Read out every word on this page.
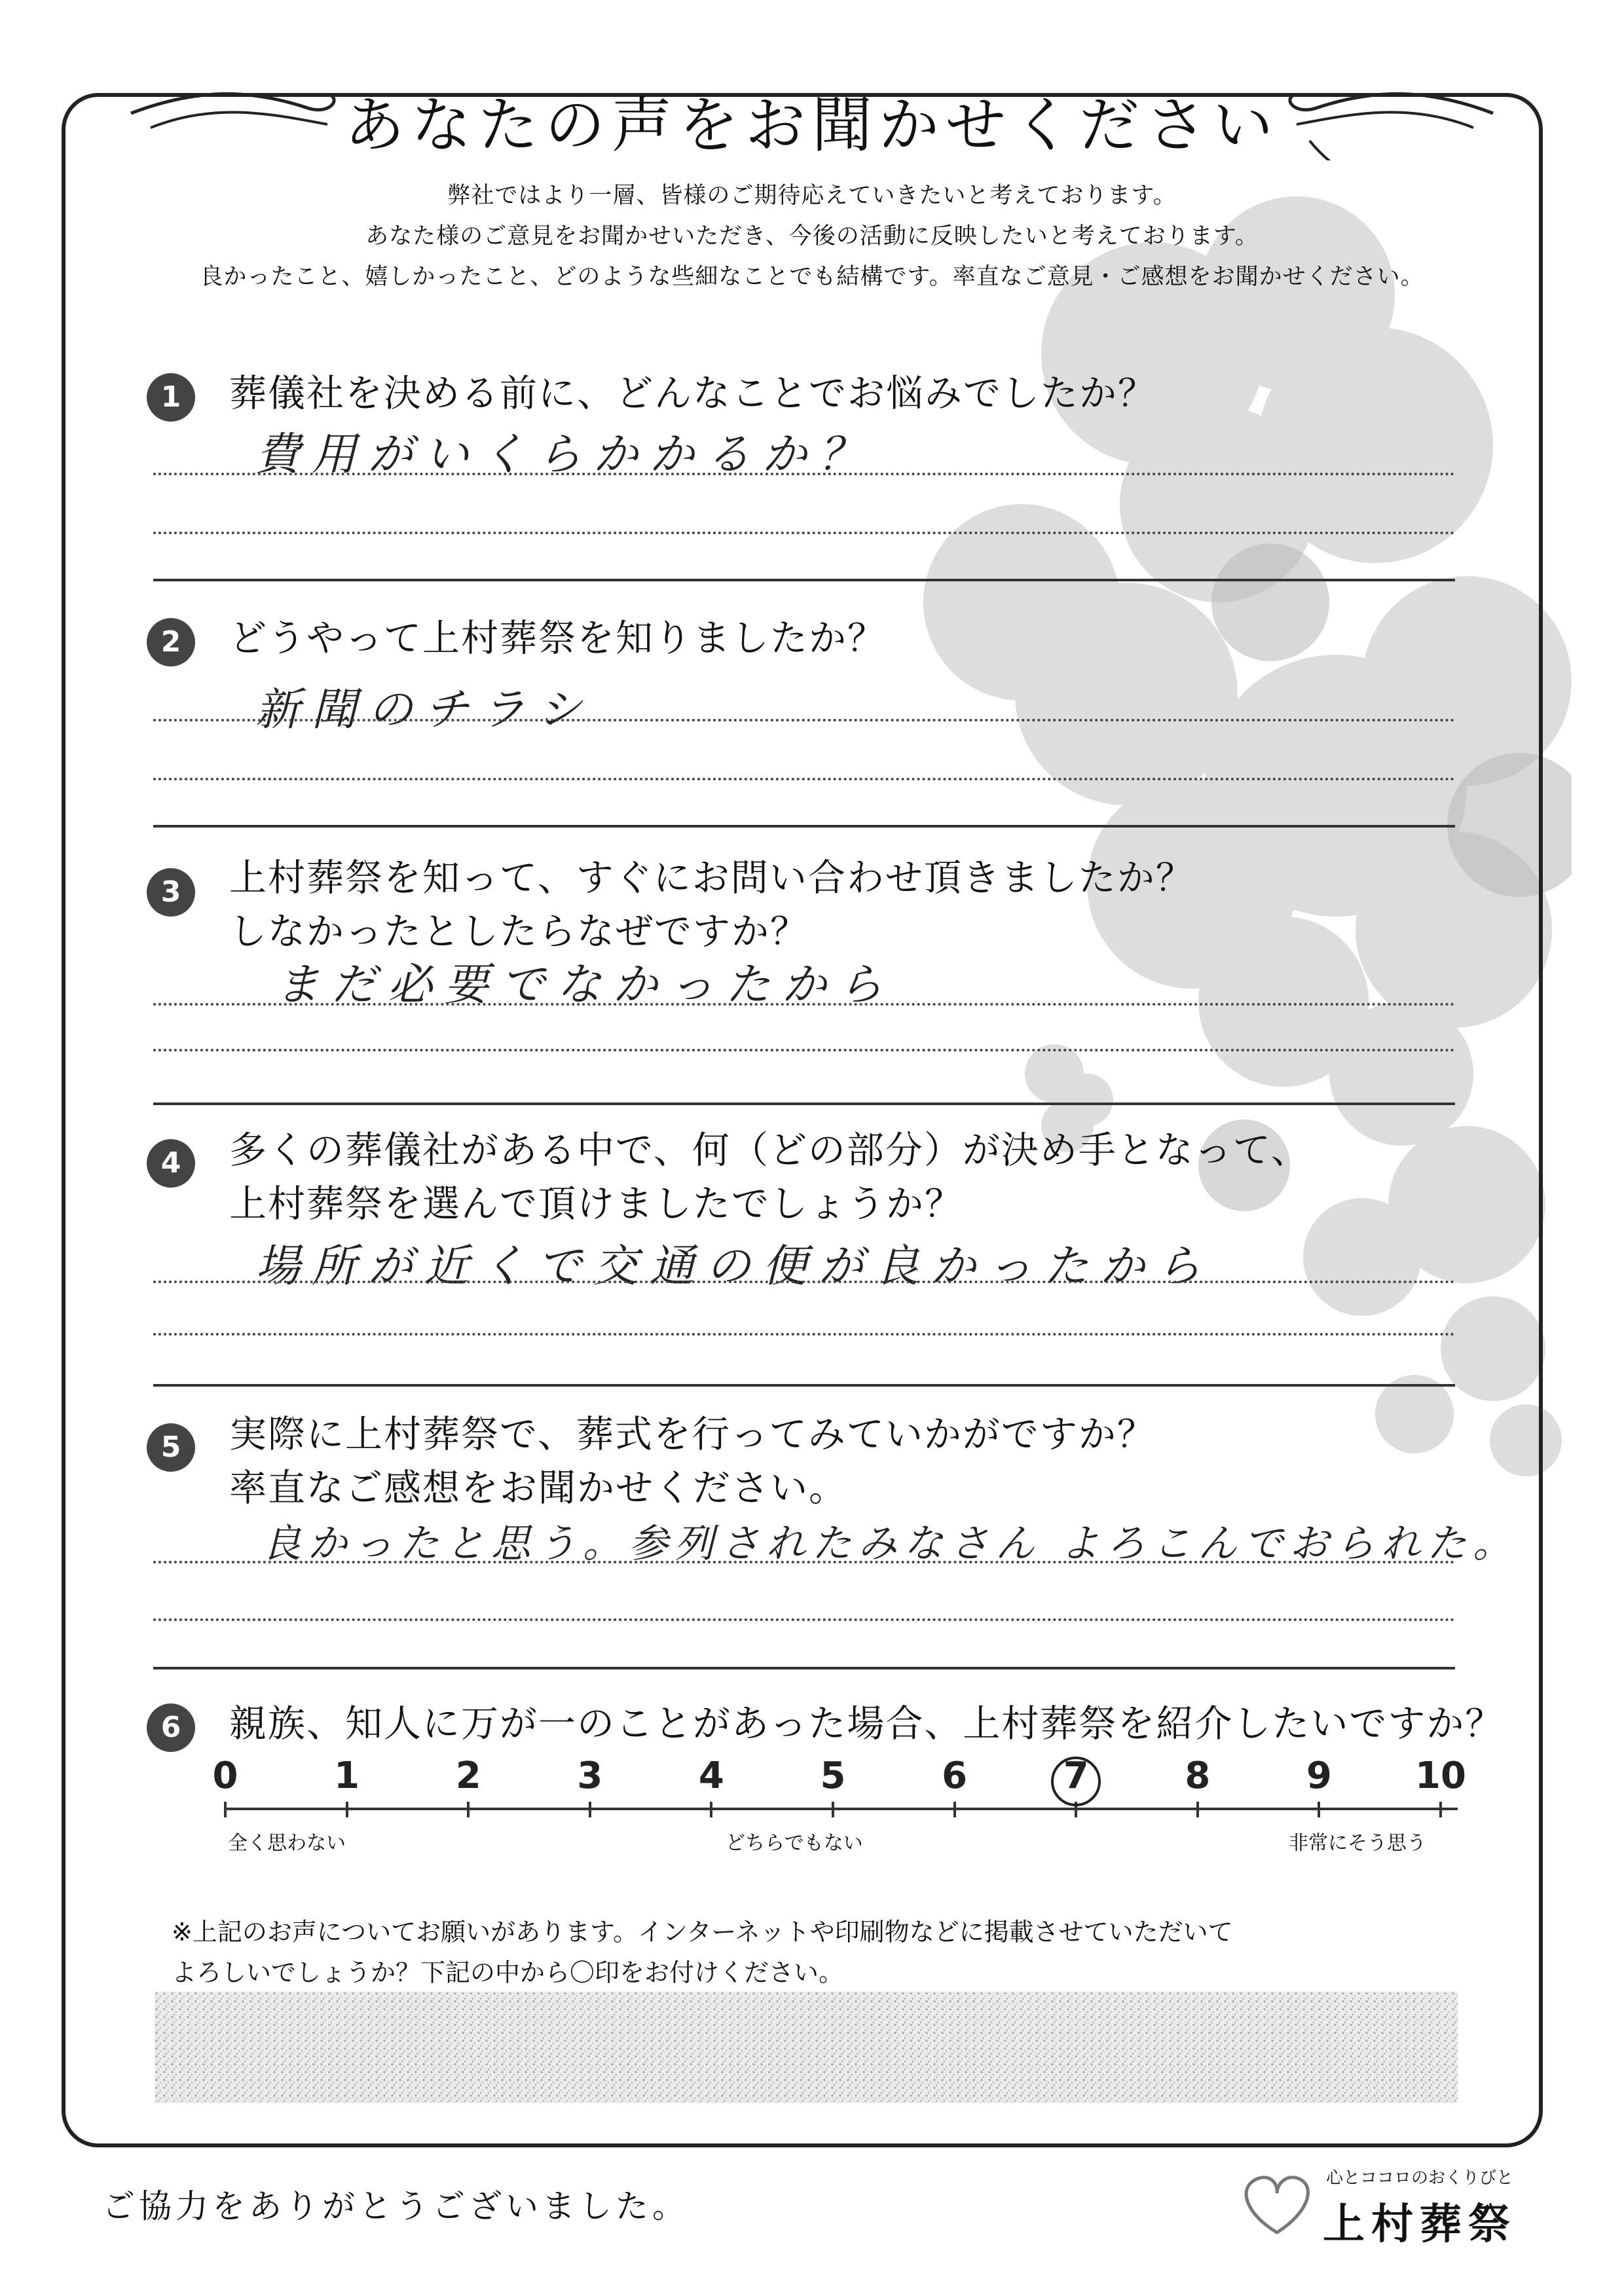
あなたの声をお聞かせください
弊社ではより一層、皆様のご期待応えていきたいと考えております。
あなた様のご意見をお聞かせいただき、今後の活動に反映したいと考えております。
良かったこと、嬉しかったこと、どのような些細なことでも結構です。率直なご意見・ご感想をお聞かせください。
1	葬儀社を決める前に、どんなことでお悩みでしたか？
費用がいくらかかるか？
2	どうやって上村葬祭を知りましたか？
新聞のチラシ
3	上村葬祭を知って、すぐにお問い合わせ頂きましたか？
しなかったとしたらなぜですか？
まだ必要でなかったから
4	多くの葬儀社がある中で、何（どの部分）が決め手となって、
上村葬祭を選んで頂けましたでしょうか？
場所が近くで交通の便が良かったから
5	実際に上村葬祭で、葬式を行ってみていかがですか？
率直なご感想をお聞かせください。
良かったと思う。参列されたみなさん よろこんでおられた。
6	親族、知人に万が一のことがあった場合、上村葬祭を紹介したいですか？
0	1	2	3	4	5	6	7	8	9	10
全く思わない	どちらでもない	非常にそう思う
※上記のお声についてお願いがあります。インターネットや印刷物などに掲載させていただいて
よろしいでしょうか？下記の中から〇印をお付けください。
ご協力をありがとうございました。
心とココロのおくりびと
上村葬祭
